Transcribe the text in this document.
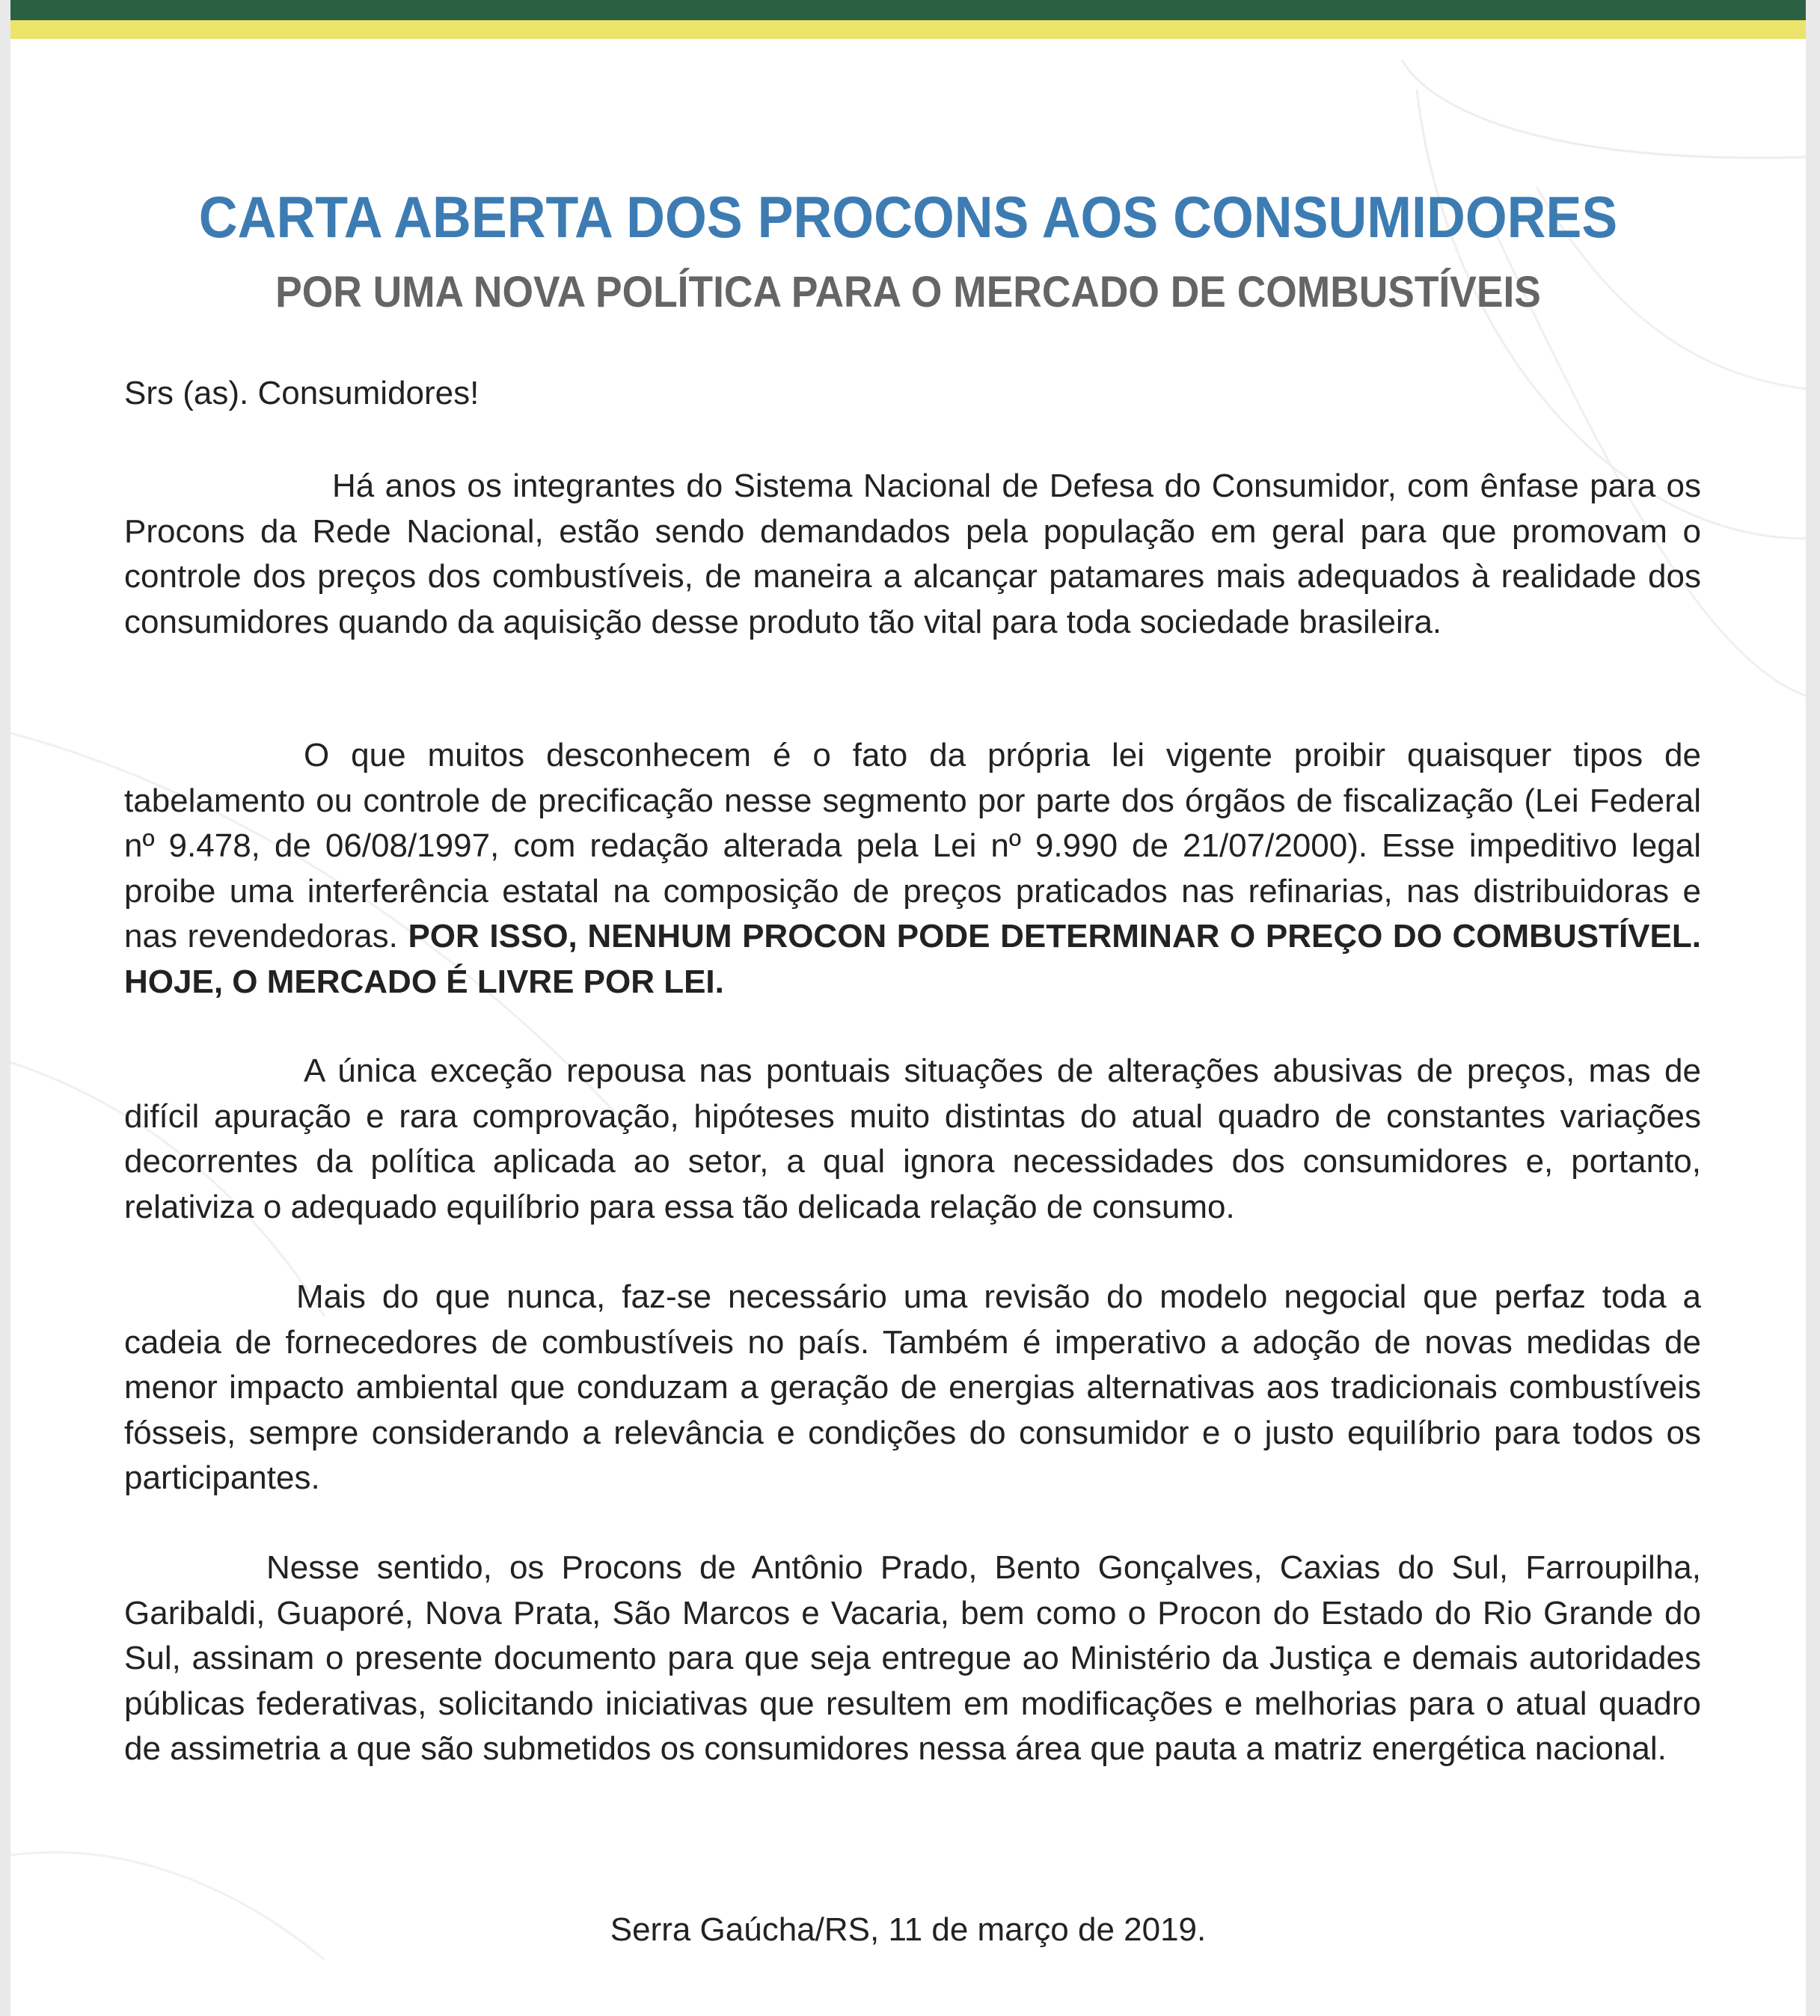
CARTA ABERTA DOS PROCONS AOS CONSUMIDORES
POR UMA NOVA POLÍTICA PARA O MERCADO DE COMBUSTÍVEIS

Srs (as). Consumidores!

Há anos os integrantes do Sistema Nacional de Defesa do Consumidor, com ênfase para os Procons da Rede Nacional, estão sendo demandados pela população em geral para que promovam o controle dos preços dos combustíveis, de maneira a alcançar patamares mais adequados à realidade dos consumidores quando da aquisição desse produto tão vital para toda sociedade brasileira.

O que muitos desconhecem é o fato da própria lei vigente proibir quaisquer tipos de tabelamento ou controle de precificação nesse segmento por parte dos órgãos de fiscalização (Lei Federal nº 9.478, de 06/08/1997, com redação alterada pela Lei nº 9.990 de 21/07/2000). Esse impeditivo legal proibe uma interferência estatal na composição de preços praticados nas refinarias, nas distribuidoras e nas revendedoras. POR ISSO, NENHUM PROCON PODE DETERMINAR O PREÇO DO COMBUSTÍVEL. HOJE, O MERCADO É LIVRE POR LEI.

A única exceção repousa nas pontuais situações de alterações abusivas de preços, mas de difícil apuração e rara comprovação, hipóteses muito distintas do atual quadro de constantes variações decorrentes da política aplicada ao setor, a qual ignora necessidades dos consumidores e, portanto, relativiza o adequado equilíbrio para essa tão delicada relação de consumo.

Mais do que nunca, faz-se necessário uma revisão do modelo negocial que perfaz toda a cadeia de fornecedores de combustíveis no país. Também é imperativo a adoção de novas medidas de menor impacto ambiental que conduzam a geração de energias alternativas aos tradicionais combustíveis fósseis, sempre considerando a relevância e condições do consumidor e o justo equilíbrio para todos os participantes.

Nesse sentido, os Procons de Antônio Prado, Bento Gonçalves, Caxias do Sul, Farroupilha, Garibaldi, Guaporé, Nova Prata, São Marcos e Vacaria, bem como o Procon do Estado do Rio Grande do Sul, assinam o presente documento para que seja entregue ao Ministério da Justiça e demais autoridades públicas federativas, solicitando iniciativas que resultem em modificações e melhorias para o atual quadro de assimetria a que são submetidos os consumidores nessa área que pauta a matriz energética nacional.

Serra Gaúcha/RS, 11 de março de 2019.
